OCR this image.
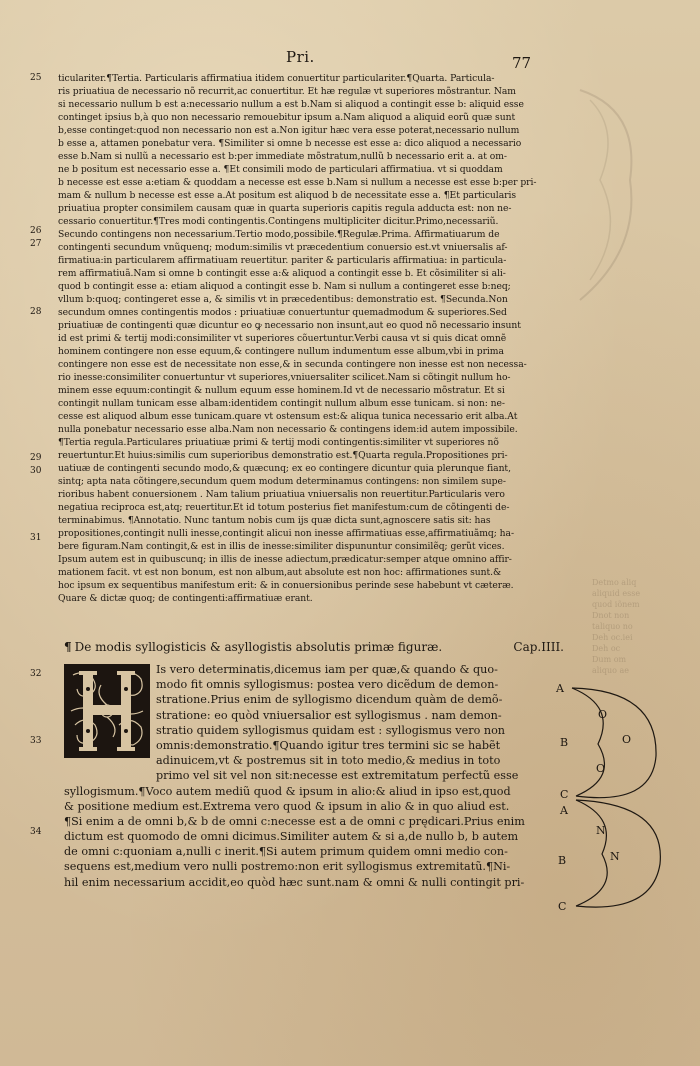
Detmo aliq
aliquid esse
quod iõnem
Dnot non
taliquo no
Deh oc.iei
Deh oc
Dum om
aliquo ae
Pri.	77
25
26
27
28
29
30
31
32
33
34
ticulariter.¶Tertia. Particularis affirmatiua itidem conuertitur particulariter.¶Quarta. Particula-
ris priuatiua de necessario nõ recurrit,ac conuertitur. Et hæ regulæ vt superiores mõstrantur. Nam
si necessario nullum b est a:necessario nullum a est b.Nam si aliquod a contingit esse b: aliquid esse
continget ipsius b,à quo non necessario remouebitur ipsum a.Nam aliquod a aliquid eorũ quæ sunt
b,esse continget:quod non necessario non est a.Non igitur hæc vera esse poterat,necessario nullum
b esse a, attamen ponebatur vera. ¶Similiter si omne b necesse est esse a: dico aliquod a necessario
esse b.Nam si nullũ a necessario est b:per immediate mõstratum,nullũ b necessario erit a. at om-
ne b positum est necessario esse a. ¶Et consimili modo de particulari affirmatiua. vt si quoddam
b necesse est esse a:etiam & quoddam a necesse est esse b.Nam si nullum a necesse est esse b:per pri-
mam & nullum b necesse est esse a.At positum est aliquod b de necessitate esse a. ¶Et particularis
priuatiua propter consimilem causam quæ in quarta superioris capitis regula adducta est: non ne-
cessario conuertitur.¶Tres modi contingentis.Contingens multipliciter dicitur.Primo,necessariũ.
Secundo contingens non necessarium.Tertio modo,possibile.¶Regulæ.Prima. Affirmatiuarum de
contingenti secundum vnũquenq; modum:similis vt præcedentium conuersio est.vt vniuersalis af-
firmatiua:in particularem affirmatiuam reuertitur. pariter & particularis affirmatiua: in particula-
rem affirmatiuã.Nam si omne b contingit esse a:& aliquod a contingit esse b. Et cõsimiliter si ali-
quod b contingit esse a: etiam aliquod a contingit esse b. Nam si nullum a contingeret esse b:neq;
vllum b:quoq; contingeret esse a, & similis vt in præcedentibus: demonstratio est. ¶Secunda.Non
secundum omnes contingentis modos : priuatiuæ conuertuntur quemadmodum & superiores.Sed
priuatiuæ de contingenti quæ dicuntur eo ꝙ necessario non insunt,aut eo quod nõ necessario insunt
id est primi & tertij modi:consimiliter vt superiores cõuertuntur.Verbi causa vt si quis dicat omnẽ
hominem contingere non esse equum,& contingere nullum indumentum esse album,vbi in prima
contingere non esse est de necessitate non esse,& in secunda contingere non inesse est non necessa-
rio inesse:consimiliter conuertuntur vt superiores,vniuersaliter scilicet.Nam si cõtingit nullum ho-
minem esse equum:contingit & nullum equum esse hominem.Id vt de necessario mõstratur. Et si
contingit nullam tunicam esse albam:identidem contingit nullum album esse tunicam. si non: ne-
cesse est aliquod album esse tunicam.quare vt ostensum est:& aliqua tunica necessario erit alba.At
nulla ponebatur necessario esse alba.Nam non necessario & contingens idem:id autem impossibile.
¶Tertia regula.Particulares priuatiuæ primi & tertij modi contingentis:similiter vt superiores nõ
reuertuntur.Et huius:similis cum superioribus demonstratio est.¶Quarta regula.Propositiones pri-
uatiuæ de contingenti secundo modo,& quæcunq; ex eo contingere dicuntur quia plerunque fiant,
sintq; apta nata cõtingere,secundum quem modum determinamus contingens: non similem supe-
rioribus habent conuersionem . Nam talium priuatiua vniuersalis non reuertitur.Particularis vero
negatiua reciproca est,atq; reuertitur.Et id totum posterius fiet manifestum:cum de cõtingenti de-
terminabimus. ¶Annotatio. Nunc tantum nobis cum ijs quæ dicta sunt,agnoscere satis sit: has
propositiones,contingit nulli inesse,contingit alicui non inesse affirmatiuas esse,affirmatiuãmq; ha-
bere figuram.Nam contingit,& est in illis de inesse:similiter dispununtur consimilẽq; gerũt vices.
Ipsum autem est in quibuscunq; in illis de inesse adiectum,prædicatur:semper atque omnino affir-
mationem facit. vt est non bonum, est non album,aut absolute est non hoc: affirmationes sunt.&
hoc ipsum ex sequentibus manifestum erit: & in conuersionibus perinde sese habebunt vt cæteræ.
Quare & dictæ quoq; de contingenti:affirmatiuæ erant.
¶ De modis syllogisticis & asyllogistis absolutis primæ figuræ.	Cap.IIII.
Is vero determinatis,dicemus iam per quæ,& quando & quo-
modo fit omnis syllogismus: postea vero dicẽdum de demon-
stratione.Prius enim de syllogismo dicendum quàm de demõ-
stratione: eo quòd vniuersalior est syllogismus . nam demon-
stratio quidem syllogismus quidam est : syllogismus vero non
omnis:demonstratio.¶Quando igitur tres termini sic se habẽt
adinuicem,vt & postremus sit in toto medio,& medius in toto
primo vel sit vel non sit:necesse est extremitatum perfectũ esse
syllogismum.¶Voco autem mediũ quod & ipsum in alio:& aliud in ipso est,quod
& positione medium est.Extrema vero quod & ipsum in alio & in quo aliud est.
¶Si enim a de omni b,& b de omni c:necesse est a de omni c prędicari.Prius enim
dictum est quomodo de omni dicimus.Similiter autem & si a,de nullo b, b autem
de omni c:quoniam a,nulli c inerit.¶Si autem primum quidem omni medio con-
sequens est,medium vero nulli postremo:non erit syllogismus extremitatũ.¶Ni-
hil enim necessarium accidit,eo quòd hæc sunt.nam & omni & nulli contingit pri-
A
O
B	O
O
C
A
N
B	N
C
